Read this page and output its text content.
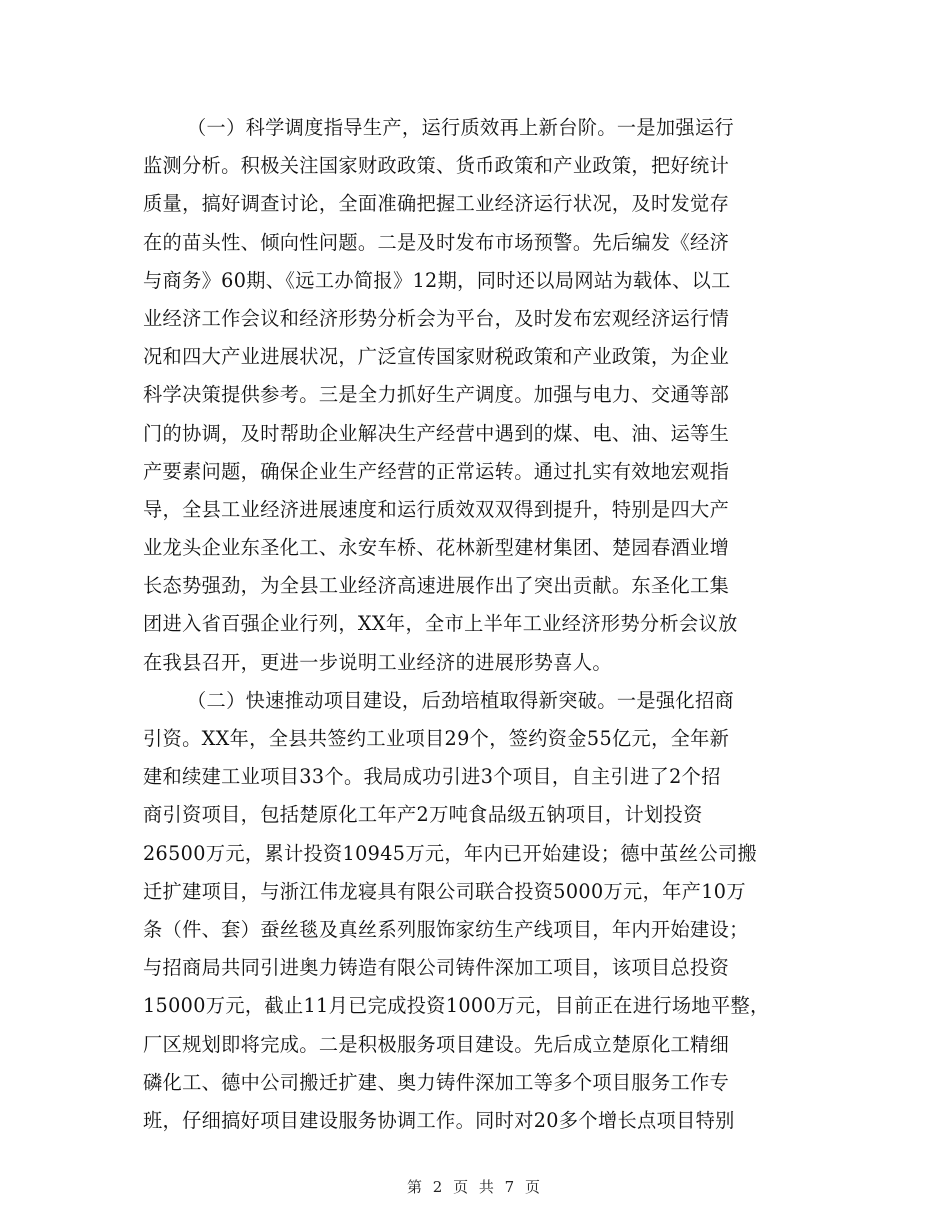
（一）科学调度指导生产，运行质效再上新台阶。一是加强运行
监测分析。积极关注国家财政政策、货币政策和产业政策，把好统计
质量，搞好调查讨论，全面准确把握工业经济运行状况，及时发觉存
在的苗头性、倾向性问题。二是及时发布市场预警。先后编发《经济
与商务》60期、《远工办简报》12期，同时还以局网站为载体、以工
业经济工作会议和经济形势分析会为平台，及时发布宏观经济运行情
况和四大产业进展状况，广泛宣传国家财税政策和产业政策，为企业
科学决策提供参考。三是全力抓好生产调度。加强与电力、交通等部
门的协调，及时帮助企业解决生产经营中遇到的煤、电、油、运等生
产要素问题，确保企业生产经营的正常运转。通过扎实有效地宏观指
导，全县工业经济进展速度和运行质效双双得到提升，特别是四大产
业龙头企业东圣化工、永安车桥、花林新型建材集团、楚园春酒业增
长态势强劲，为全县工业经济高速进展作出了突出贡献。东圣化工集
团进入省百强企业行列，XX年，全市上半年工业经济形势分析会议放
在我县召开，更进一步说明工业经济的进展形势喜人。
（二）快速推动项目建设，后劲培植取得新突破。一是强化招商
引资。XX年，全县共签约工业项目29个，签约资金55亿元，全年新
建和续建工业项目33个。我局成功引进3个项目，自主引进了2个招
商引资项目，包括楚原化工年产2万吨食品级五钠项目，计划投资
26500万元，累计投资10945万元，年内已开始建设；德中茧丝公司搬
迁扩建项目，与浙江伟龙寝具有限公司联合投资5000万元，年产10万
条（件、套）蚕丝毯及真丝系列服饰家纺生产线项目，年内开始建设；
与招商局共同引进奥力铸造有限公司铸件深加工项目，该项目总投资
15000万元，截止11月已完成投资1000万元，目前正在进行场地平整，
厂区规划即将完成。二是积极服务项目建设。先后成立楚原化工精细
磷化工、德中公司搬迁扩建、奥力铸件深加工等多个项目服务工作专
班，仔细搞好项目建设服务协调工作。同时对20多个增长点项目特别
第 2 页 共 7 页
